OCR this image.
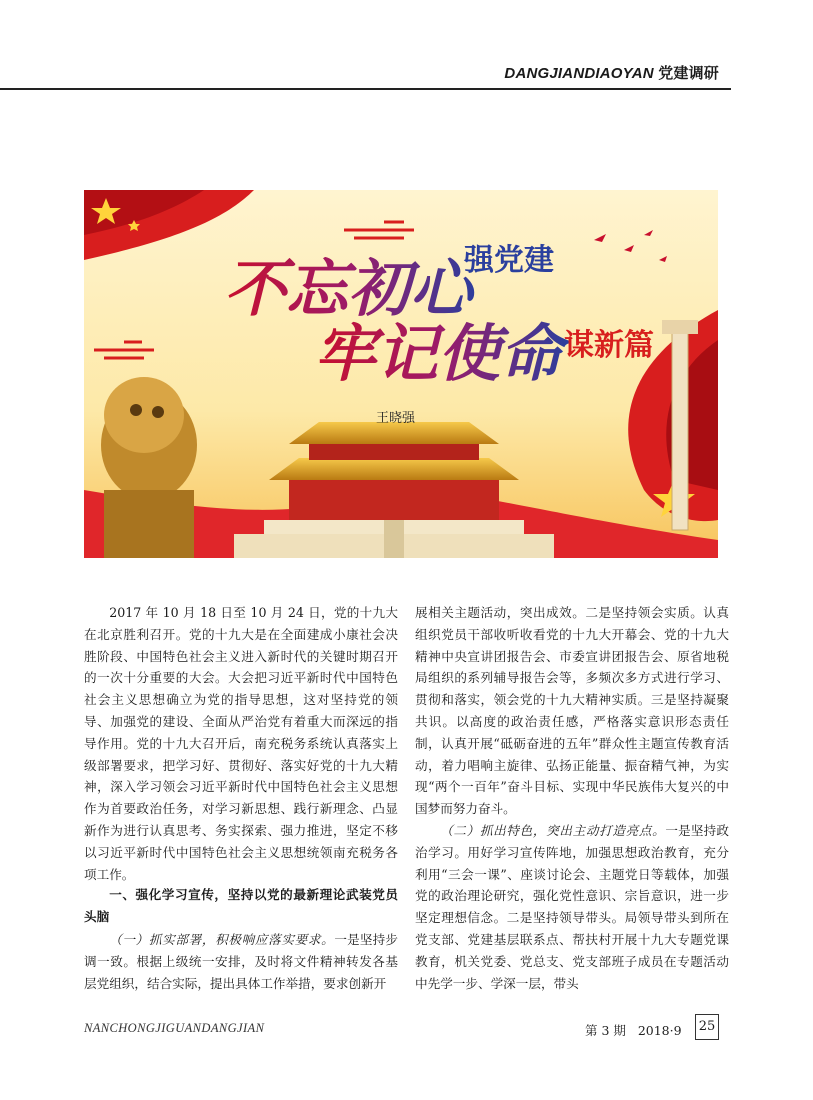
DANGJIANDIAOYAN 党建调研
不忘初心
强党建
牢记使命 谋新篇
王晓强

2017 年 10 月 18 日至 10 月 24 日，党的十九大在北京胜利召开。党的十九大是在全面建成小康社会决胜阶段、中国特色社会主义进入新时代的关键时期召开的一次十分重要的大会。大会把习近平新时代中国特色社会主义思想确立为党的指导思想，这对坚持党的领导、加强党的建设、全面从严治党有着重大而深远的指导作用。党的十九大召开后，南充税务系统认真落实上级部署要求，把学习好、贯彻好、落实好党的十九大精神，深入学习领会习近平新时代中国特色社会主义思想作为首要政治任务，对学习新思想、践行新理念、凸显新作为进行认真思考、务实探索、强力推进，坚定不移以习近平新时代中国特色社会主义思想统领南充税务各项工作。

一、强化学习宣传，坚持以党的最新理论武装党员头脑

（一）抓实部署，积极响应落实要求。一是坚持步调一致。根据上级统一安排，及时将文件精神转发各基层党组织，结合实际，提出具体工作举措，要求创新开

展相关主题活动，突出成效。二是坚持领会实质。认真组织党员干部收听收看党的十九大开幕会、党的十九大精神中央宣讲团报告会、市委宣讲团报告会、原省地税局组织的系列辅导报告会等，多频次多方式进行学习、贯彻和落实，领会党的十九大精神实质。三是坚持凝聚共识。以高度的政治责任感，严格落实意识形态责任制，认真开展“砥砺奋进的五年”群众性主题宣传教育活动，着力唱响主旋律、弘扬正能量、振奋精气神，为实现“两个一百年”奋斗目标、实现中华民族伟大复兴的中国梦而努力奋斗。

（二）抓出特色，突出主动打造亮点。一是坚持政治学习。用好学习宣传阵地，加强思想政治教育，充分利用“三会一课”、座谈讨论会、主题党日等载体，加强党的政治理论研究，强化党性意识、宗旨意识，进一步坚定理想信念。二是坚持领导带头。局领导带头到所在党支部、党建基层联系点、帮扶村开展十九大专题党课教育，机关党委、党总支、党支部班子成员在专题活动中先学一步、学深一层，带头

NANCHONGJIGUANDANGJIAN	第 3 期 2018·9 25
